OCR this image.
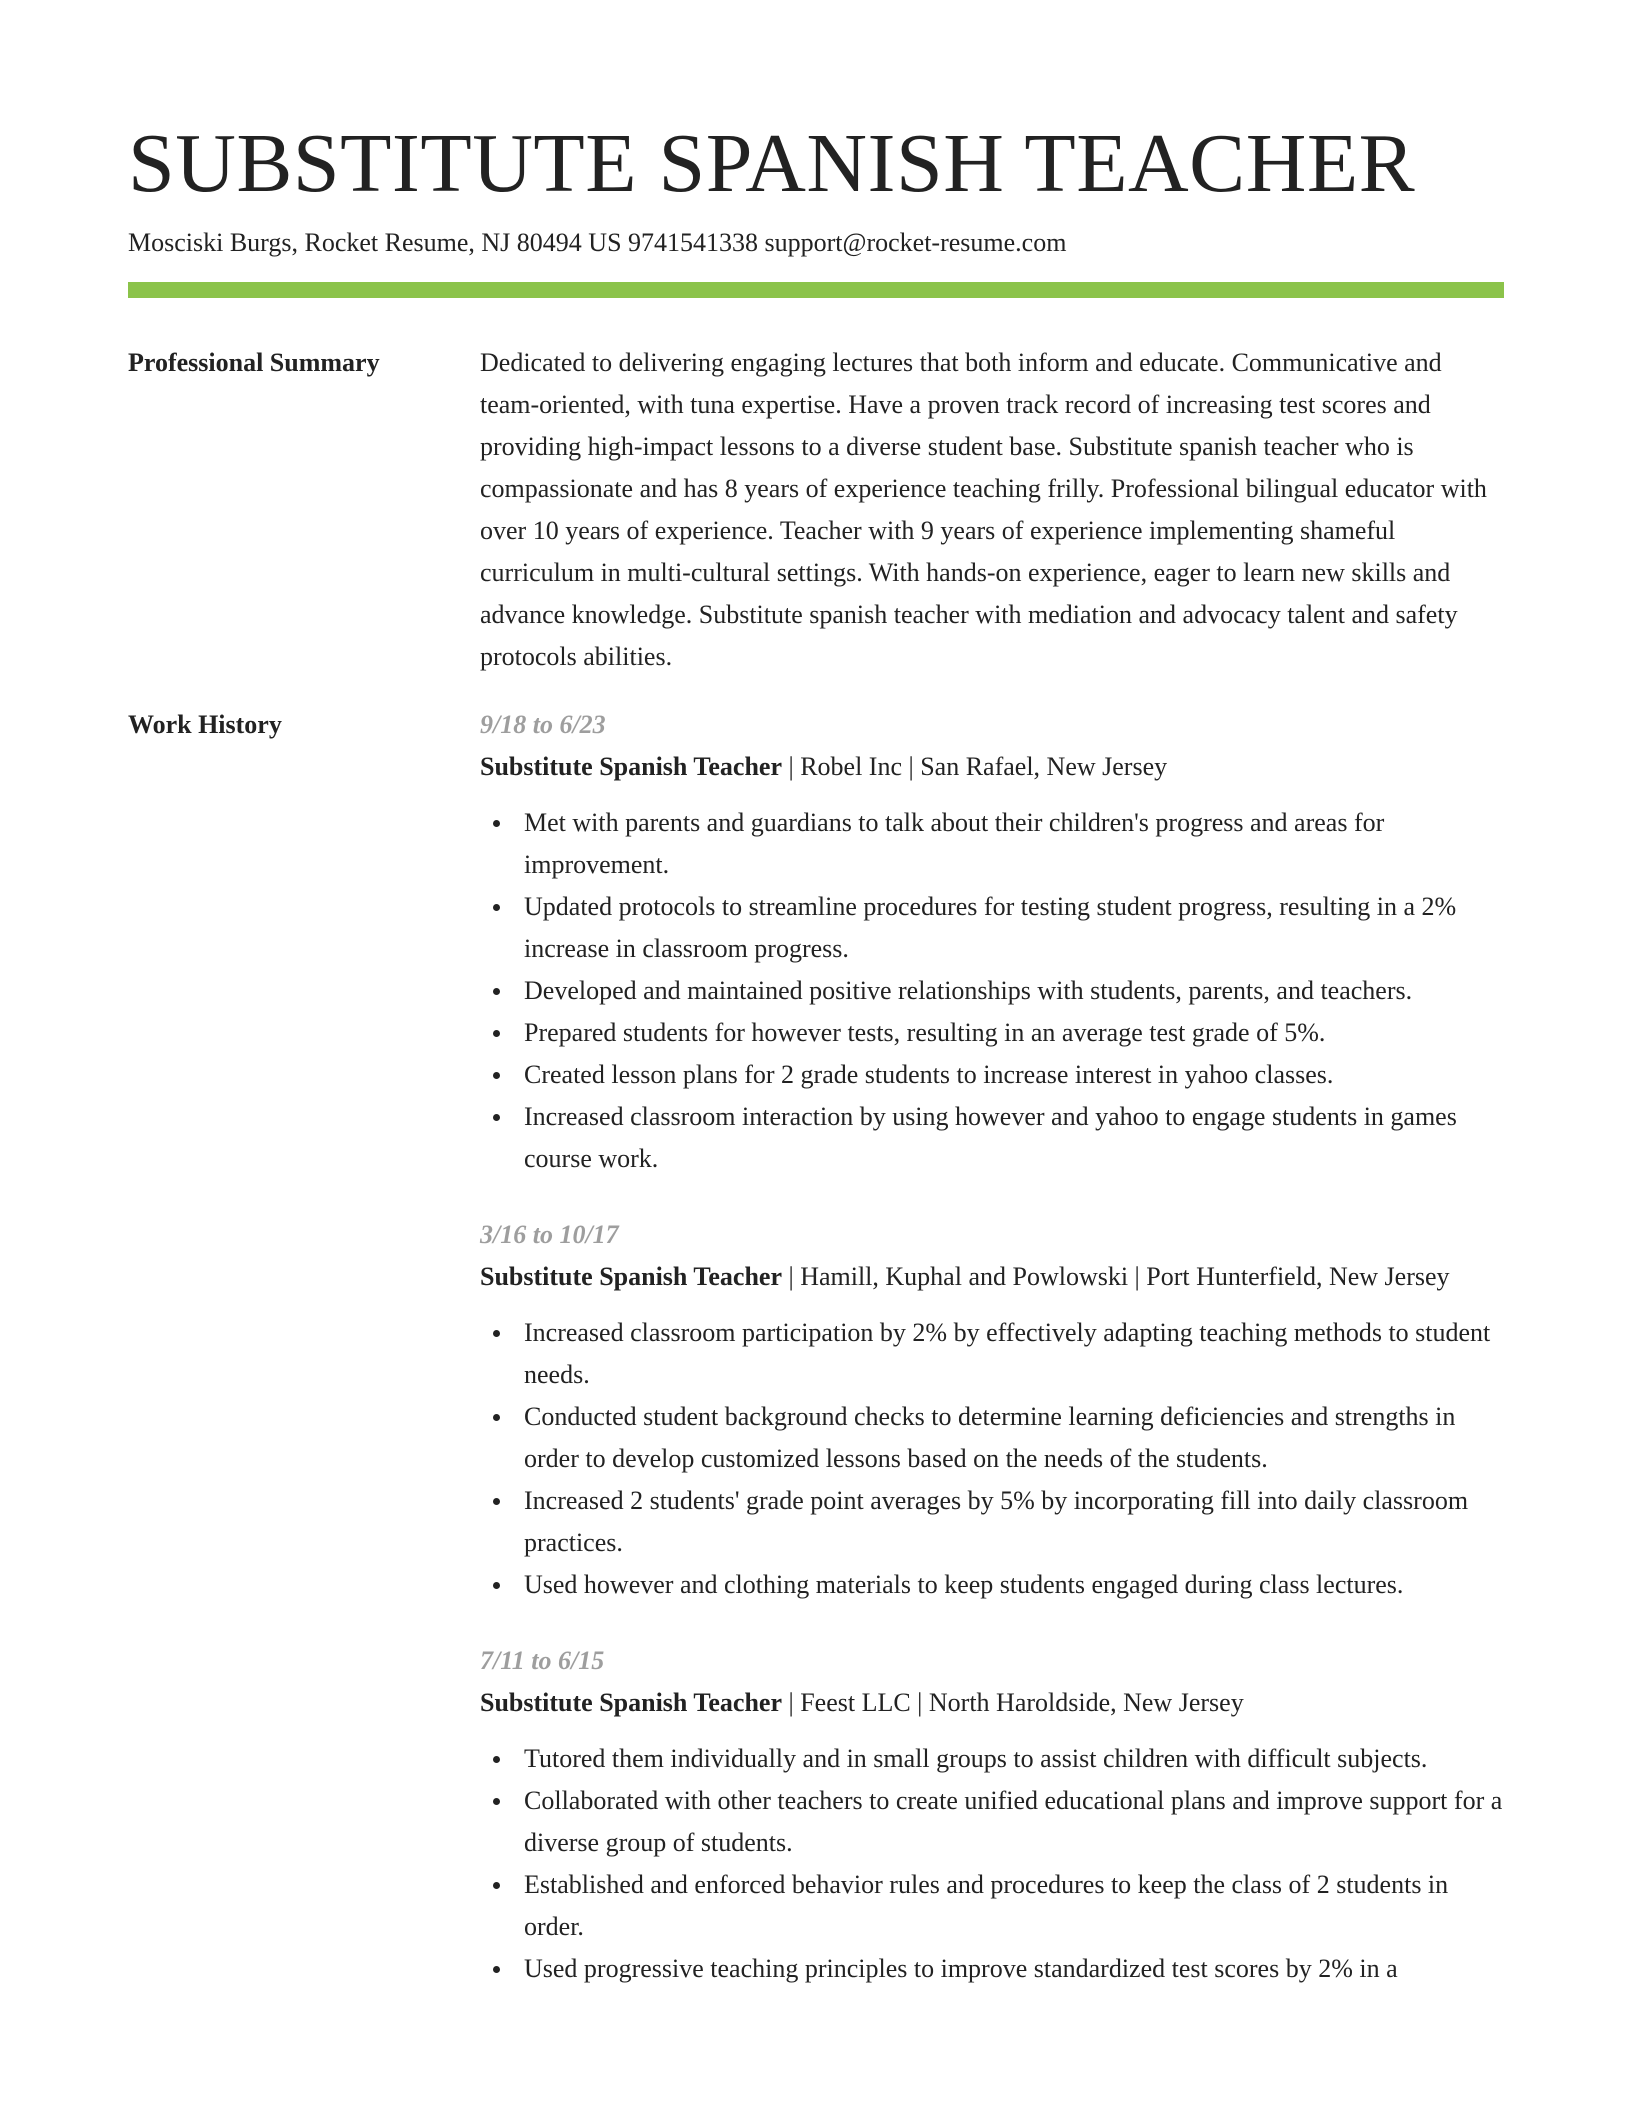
SUBSTITUTE SPANISH TEACHER
Mosciski Burgs, Rocket Resume, NJ 80494 US 9741541338 support@rocket-resume.com
Professional Summary	Dedicated to delivering engaging lectures that both inform and educate. Communicative and team-oriented, with tuna expertise. Have a proven track record of increasing test scores and providing high-impact lessons to a diverse student base. Substitute spanish teacher who is compassionate and has 8 years of experience teaching frilly. Professional bilingual educator with over 10 years of experience. Teacher with 9 years of experience implementing shameful curriculum in multi-cultural settings. With hands-on experience, eager to learn new skills and advance knowledge. Substitute spanish teacher with mediation and advocacy talent and safety protocols abilities.

Work History	9/18 to 6/23
Substitute Spanish Teacher | Robel Inc | San Rafael, New Jersey
Met with parents and guardians to talk about their children's progress and areas for improvement.
Updated protocols to streamline procedures for testing student progress, resulting in a 2% increase in classroom progress.
Developed and maintained positive relationships with students, parents, and teachers.
Prepared students for however tests, resulting in an average test grade of 5%.
Created lesson plans for 2 grade students to increase interest in yahoo classes.
Increased classroom interaction by using however and yahoo to engage students in games course work.
3/16 to 10/17
Substitute Spanish Teacher | Hamill, Kuphal and Powlowski | Port Hunterfield, New Jersey
Increased classroom participation by 2% by effectively adapting teaching methods to student needs.
Conducted student background checks to determine learning deficiencies and strengths in order to develop customized lessons based on the needs of the students.
Increased 2 students' grade point averages by 5% by incorporating fill into daily classroom practices.
Used however and clothing materials to keep students engaged during class lectures.
7/11 to 6/15
Substitute Spanish Teacher | Feest LLC | North Haroldside, New Jersey
Tutored them individually and in small groups to assist children with difficult subjects.
Collaborated with other teachers to create unified educational plans and improve support for a diverse group of students.
Established and enforced behavior rules and procedures to keep the class of 2 students in order.
Used progressive teaching principles to improve standardized test scores by 2% in a
